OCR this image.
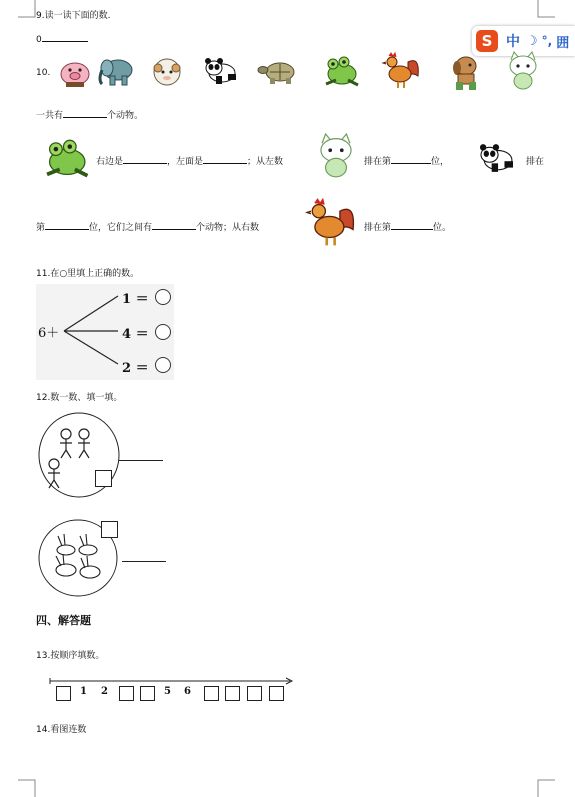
S 中 ☽ °, 囲
9.读一读下面的数.
0
10.
一共有	个动物。
右边是	，左面是	；从左数	排在第	位，	排在
第	位，它们之间有	个动物；从右数	排在第	位。
11.在○里填上正确的数。
6＋
1 ＝
4 ＝
2 ＝
12.数一数、填一填。
四、解答题
13.按顺序填数。
1 2	5 6
14.看图连数
